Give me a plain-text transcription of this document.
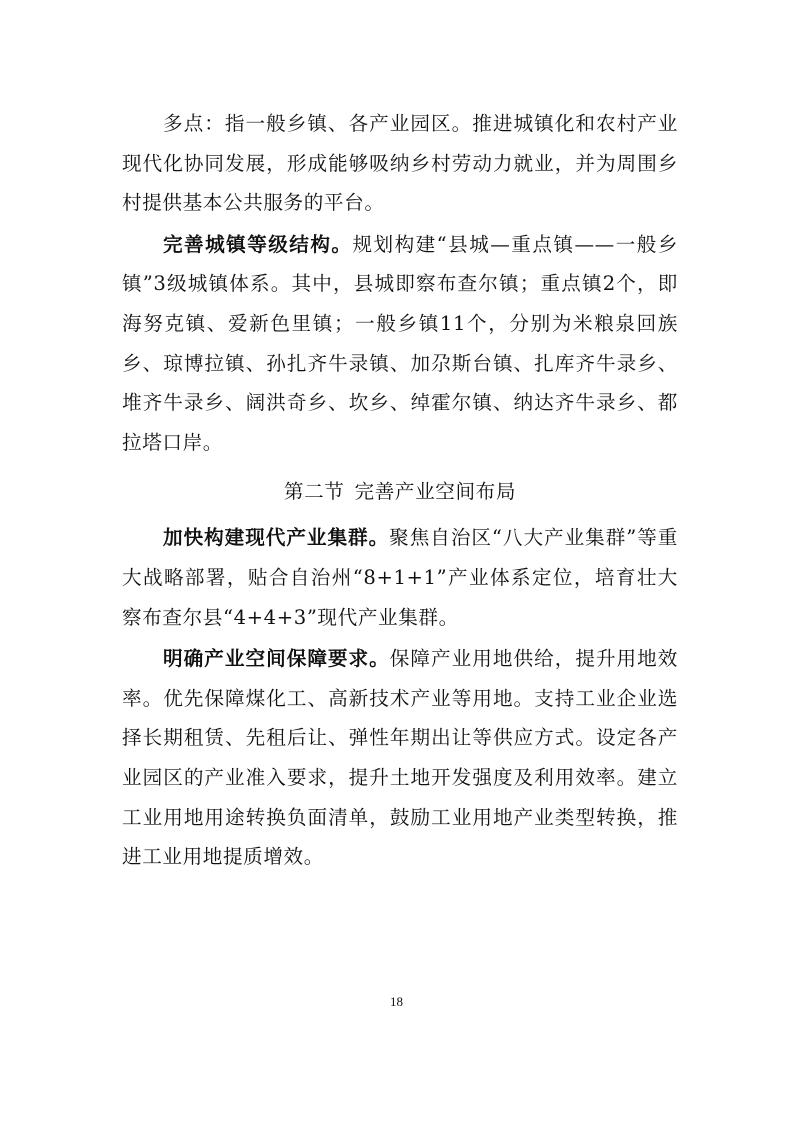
多点：指一般乡镇、各产业园区。推进城镇化和农村产业现代化协同发展，形成能够吸纳乡村劳动力就业，并为周围乡村提供基本公共服务的平台。

完善城镇等级结构。规划构建“县城—重点镇——一般乡镇”3级城镇体系。其中，县城即察布查尔镇；重点镇2个，即海努克镇、爱新色里镇；一般乡镇11个，分别为米粮泉回族乡、琼博拉镇、孙扎齐牛录镇、加尕斯台镇、扎库齐牛录乡、堆齐牛录乡、阔洪奇乡、坎乡、绰霍尔镇、纳达齐牛录乡、都拉塔口岸。

第二节 完善产业空间布局

加快构建现代产业集群。聚焦自治区“八大产业集群”等重大战略部署，贴合自治州“8+1+1”产业体系定位，培育壮大察布查尔县“4+4+3”现代产业集群。

明确产业空间保障要求。保障产业用地供给，提升用地效率。优先保障煤化工、高新技术产业等用地。支持工业企业选择长期租赁、先租后让、弹性年期出让等供应方式。设定各产业园区的产业准入要求，提升土地开发强度及利用效率。建立工业用地用途转换负面清单，鼓励工业用地产业类型转换，推进工业用地提质增效。

18
